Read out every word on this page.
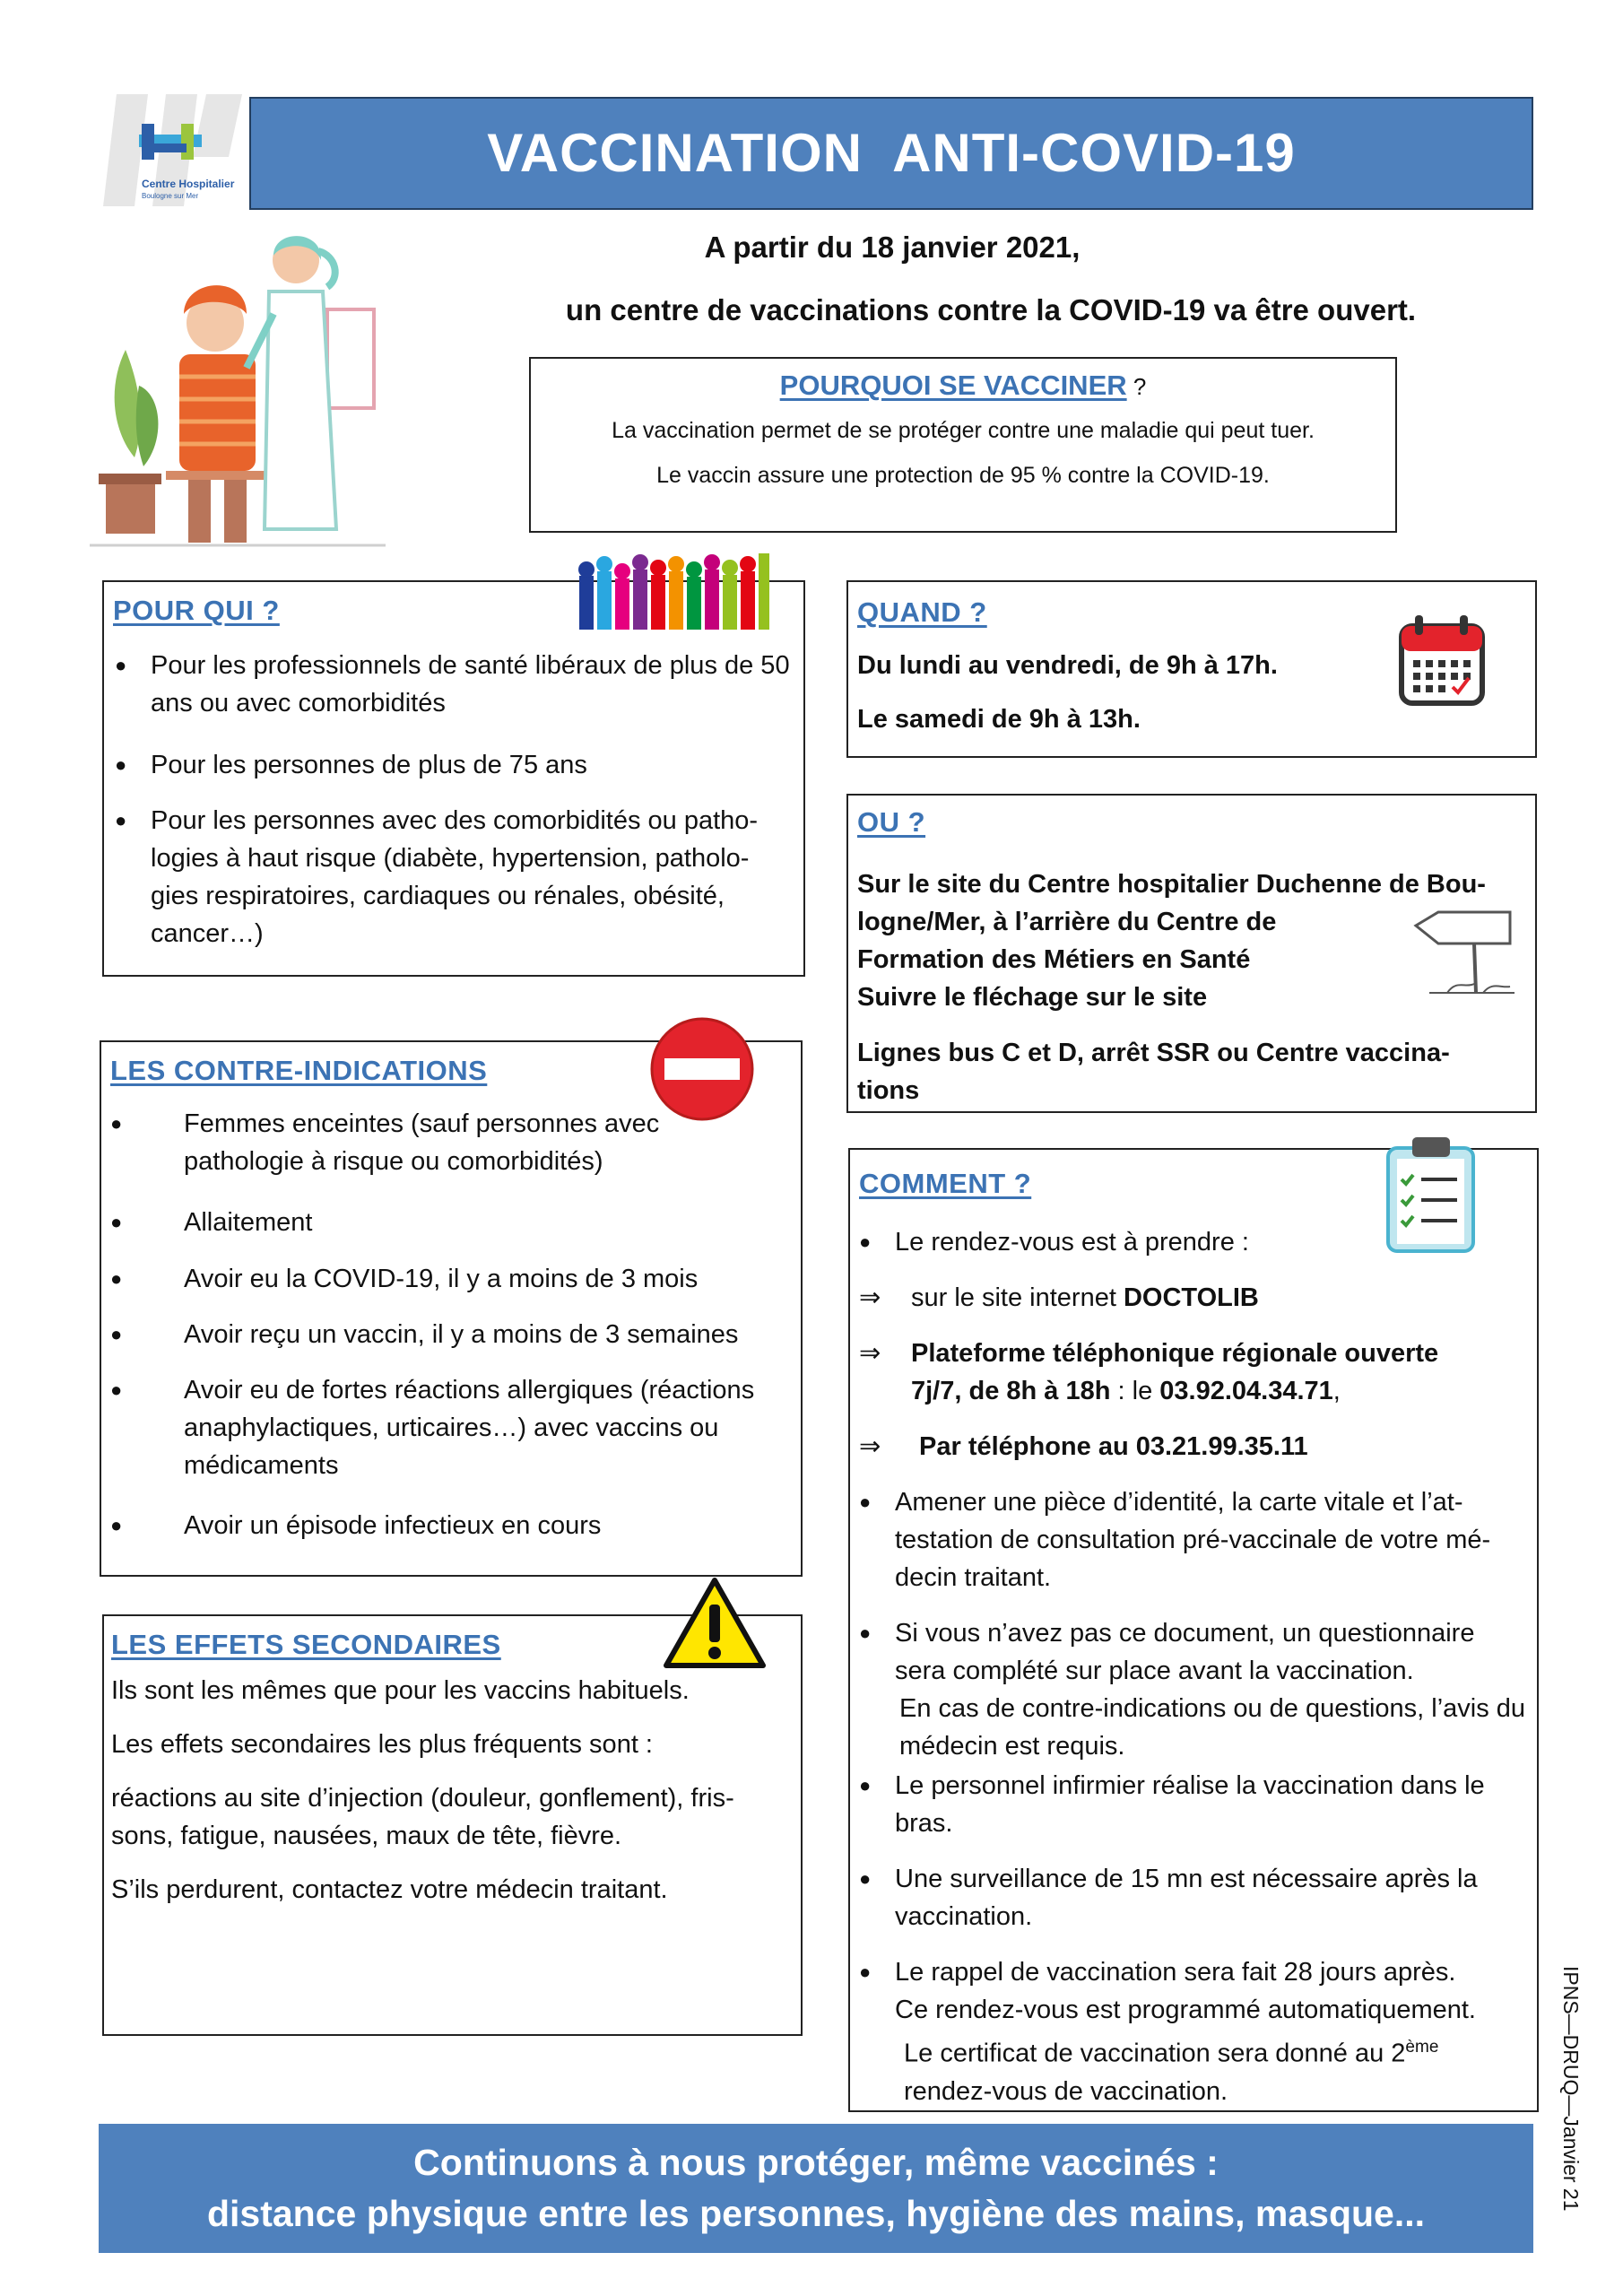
Centre Hospitalier
Boulogne sur Mer
VACCINATION  ANTI-COVID-19
A partir du 18 janvier 2021,
un centre de vaccinations contre la COVID-19 va être ouvert.
POURQUOI SE VACCINER ?
La vaccination permet de se protéger contre une maladie qui peut tuer.
Le vaccin assure une protection de 95 % contre la COVID-19.
POUR QUI ?
● Pour les professionnels de santé libéraux de plus de 50 ans ou avec comorbidités
● Pour les personnes de plus de 75 ans
● Pour les personnes avec des comorbidités ou patho-logies à haut risque (diabète, hypertension, patholo-gies respiratoires, cardiaques ou rénales, obésité, cancer…)
LES CONTRE-INDICATIONS
● Femmes enceintes (sauf personnes avec pathologie à risque ou comorbidités)
● Allaitement
● Avoir eu la COVID-19, il y a moins de 3 mois
● Avoir reçu un vaccin, il y a moins de 3 semaines
● Avoir eu de fortes réactions allergiques (réactions anaphylactiques, urticaires…) avec vaccins ou médicaments
● Avoir un épisode infectieux en cours
LES EFFETS SECONDAIRES
Ils sont les mêmes que pour les vaccins habituels.
Les effets secondaires les plus fréquents sont :
réactions au site d’injection (douleur, gonflement), fris-sons, fatigue, nausées, maux de tête, fièvre.
S’ils perdurent, contactez votre médecin traitant.
QUAND ?
Du lundi au vendredi, de 9h à 17h.
Le samedi de 9h à 13h.
OU ?
Sur le site du Centre hospitalier Duchenne de Bou-
logne/Mer, à l’arrière du Centre de
Formation des Métiers en Santé
Suivre le fléchage sur le site
Lignes bus C et D, arrêt SSR ou Centre vaccina-
tions
COMMENT ?
● Le rendez-vous est à prendre :
⇒ sur le site internet DOCTOLIB
⇒ Plateforme téléphonique régionale ouverte
7j/7, de 8h à 18h : le 03.92.04.34.71,
⇒ Par téléphone au 03.21.99.35.11
● Amener une pièce d’identité, la carte vitale et l’at-testation de consultation pré-vaccinale de votre mé-decin traitant.
● Si vous n’avez pas ce document, un questionnaire sera complété sur place avant la vaccination.
En cas de contre-indications ou de questions, l’avis du médecin est requis.
● Le personnel infirmier réalise la vaccination dans le bras.
● Une surveillance de 15 mn est nécessaire après la vaccination.
● Le rappel de vaccination sera fait 28 jours après.
Ce rendez-vous est programmé automatiquement.
Le certificat de vaccination sera donné au 2ème
rendez-vous de vaccination.	IPNS—DRUQ—Janvier 21
Continuons à nous protéger, même vaccinés :
distance physique entre les personnes, hygiène des mains, masque...
